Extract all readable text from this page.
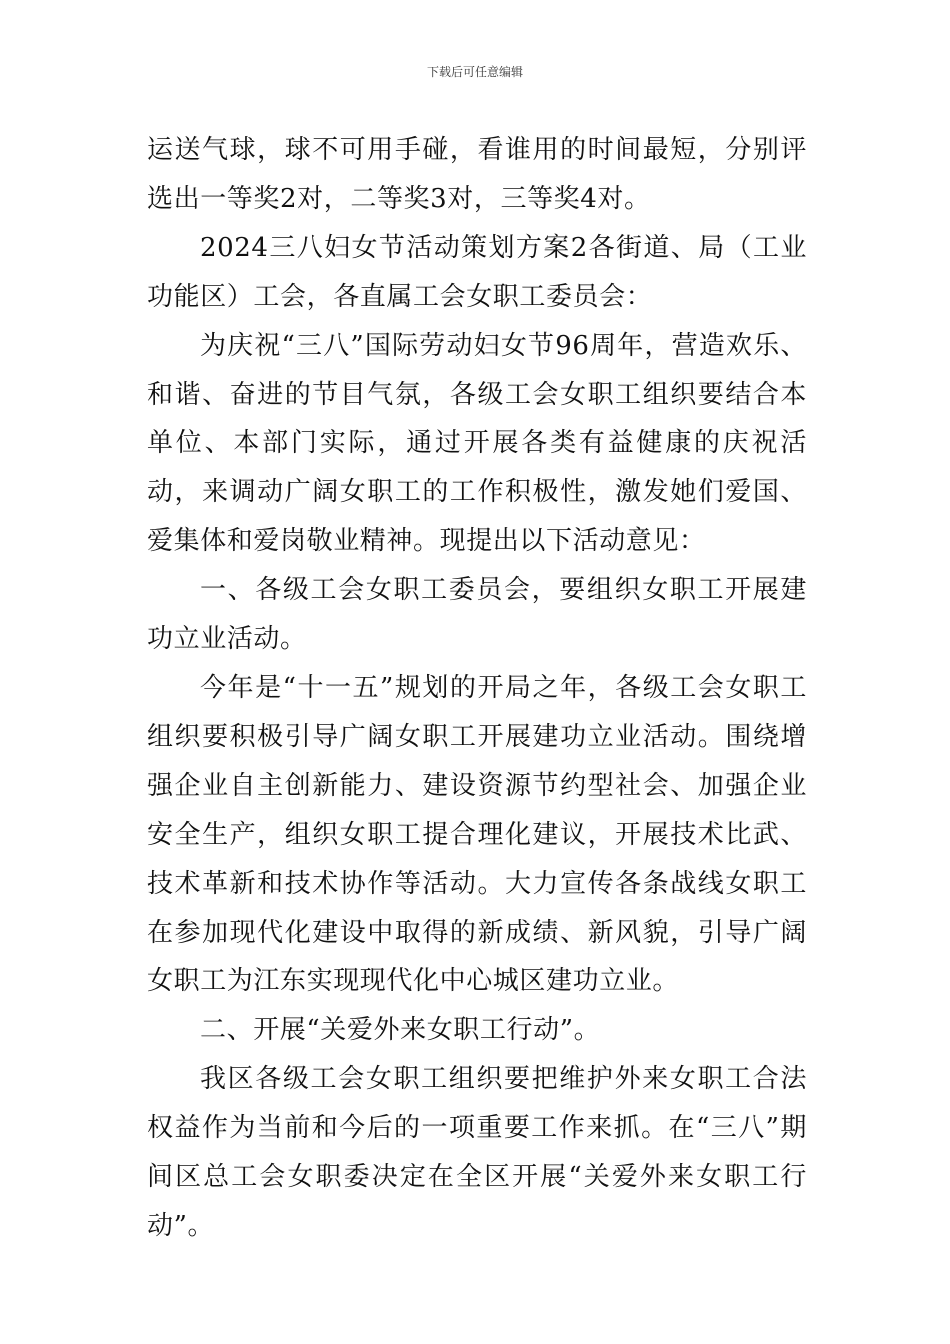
下载后可任意编辑

运送气球，球不可用手碰，看谁用的时间最短，分别评选出一等奖2对，二等奖3对，三等奖4对。

2024三八妇女节活动策划方案2各街道、局（工业功能区）工会，各直属工会女职工委员会：

为庆祝“三八”国际劳动妇女节96周年，营造欢乐、和谐、奋进的节目气氛，各级工会女职工组织要结合本单位、本部门实际，通过开展各类有益健康的庆祝活动，来调动广阔女职工的工作积极性，激发她们爱国、爱集体和爱岗敬业精神。现提出以下活动意见：

一、各级工会女职工委员会，要组织女职工开展建功立业活动。

今年是“十一五”规划的开局之年，各级工会女职工组织要积极引导广阔女职工开展建功立业活动。围绕增强企业自主创新能力、建设资源节约型社会、加强企业安全生产，组织女职工提合理化建议，开展技术比武、技术革新和技术协作等活动。大力宣传各条战线女职工在参加现代化建设中取得的新成绩、新风貌，引导广阔女职工为江东实现现代化中心城区建功立业。

二、开展“关爱外来女职工行动”。

我区各级工会女职工组织要把维护外来女职工合法权益作为当前和今后的一项重要工作来抓。在“三八”期间区总工会女职委决定在全区开展“关爱外来女职工行动”。
